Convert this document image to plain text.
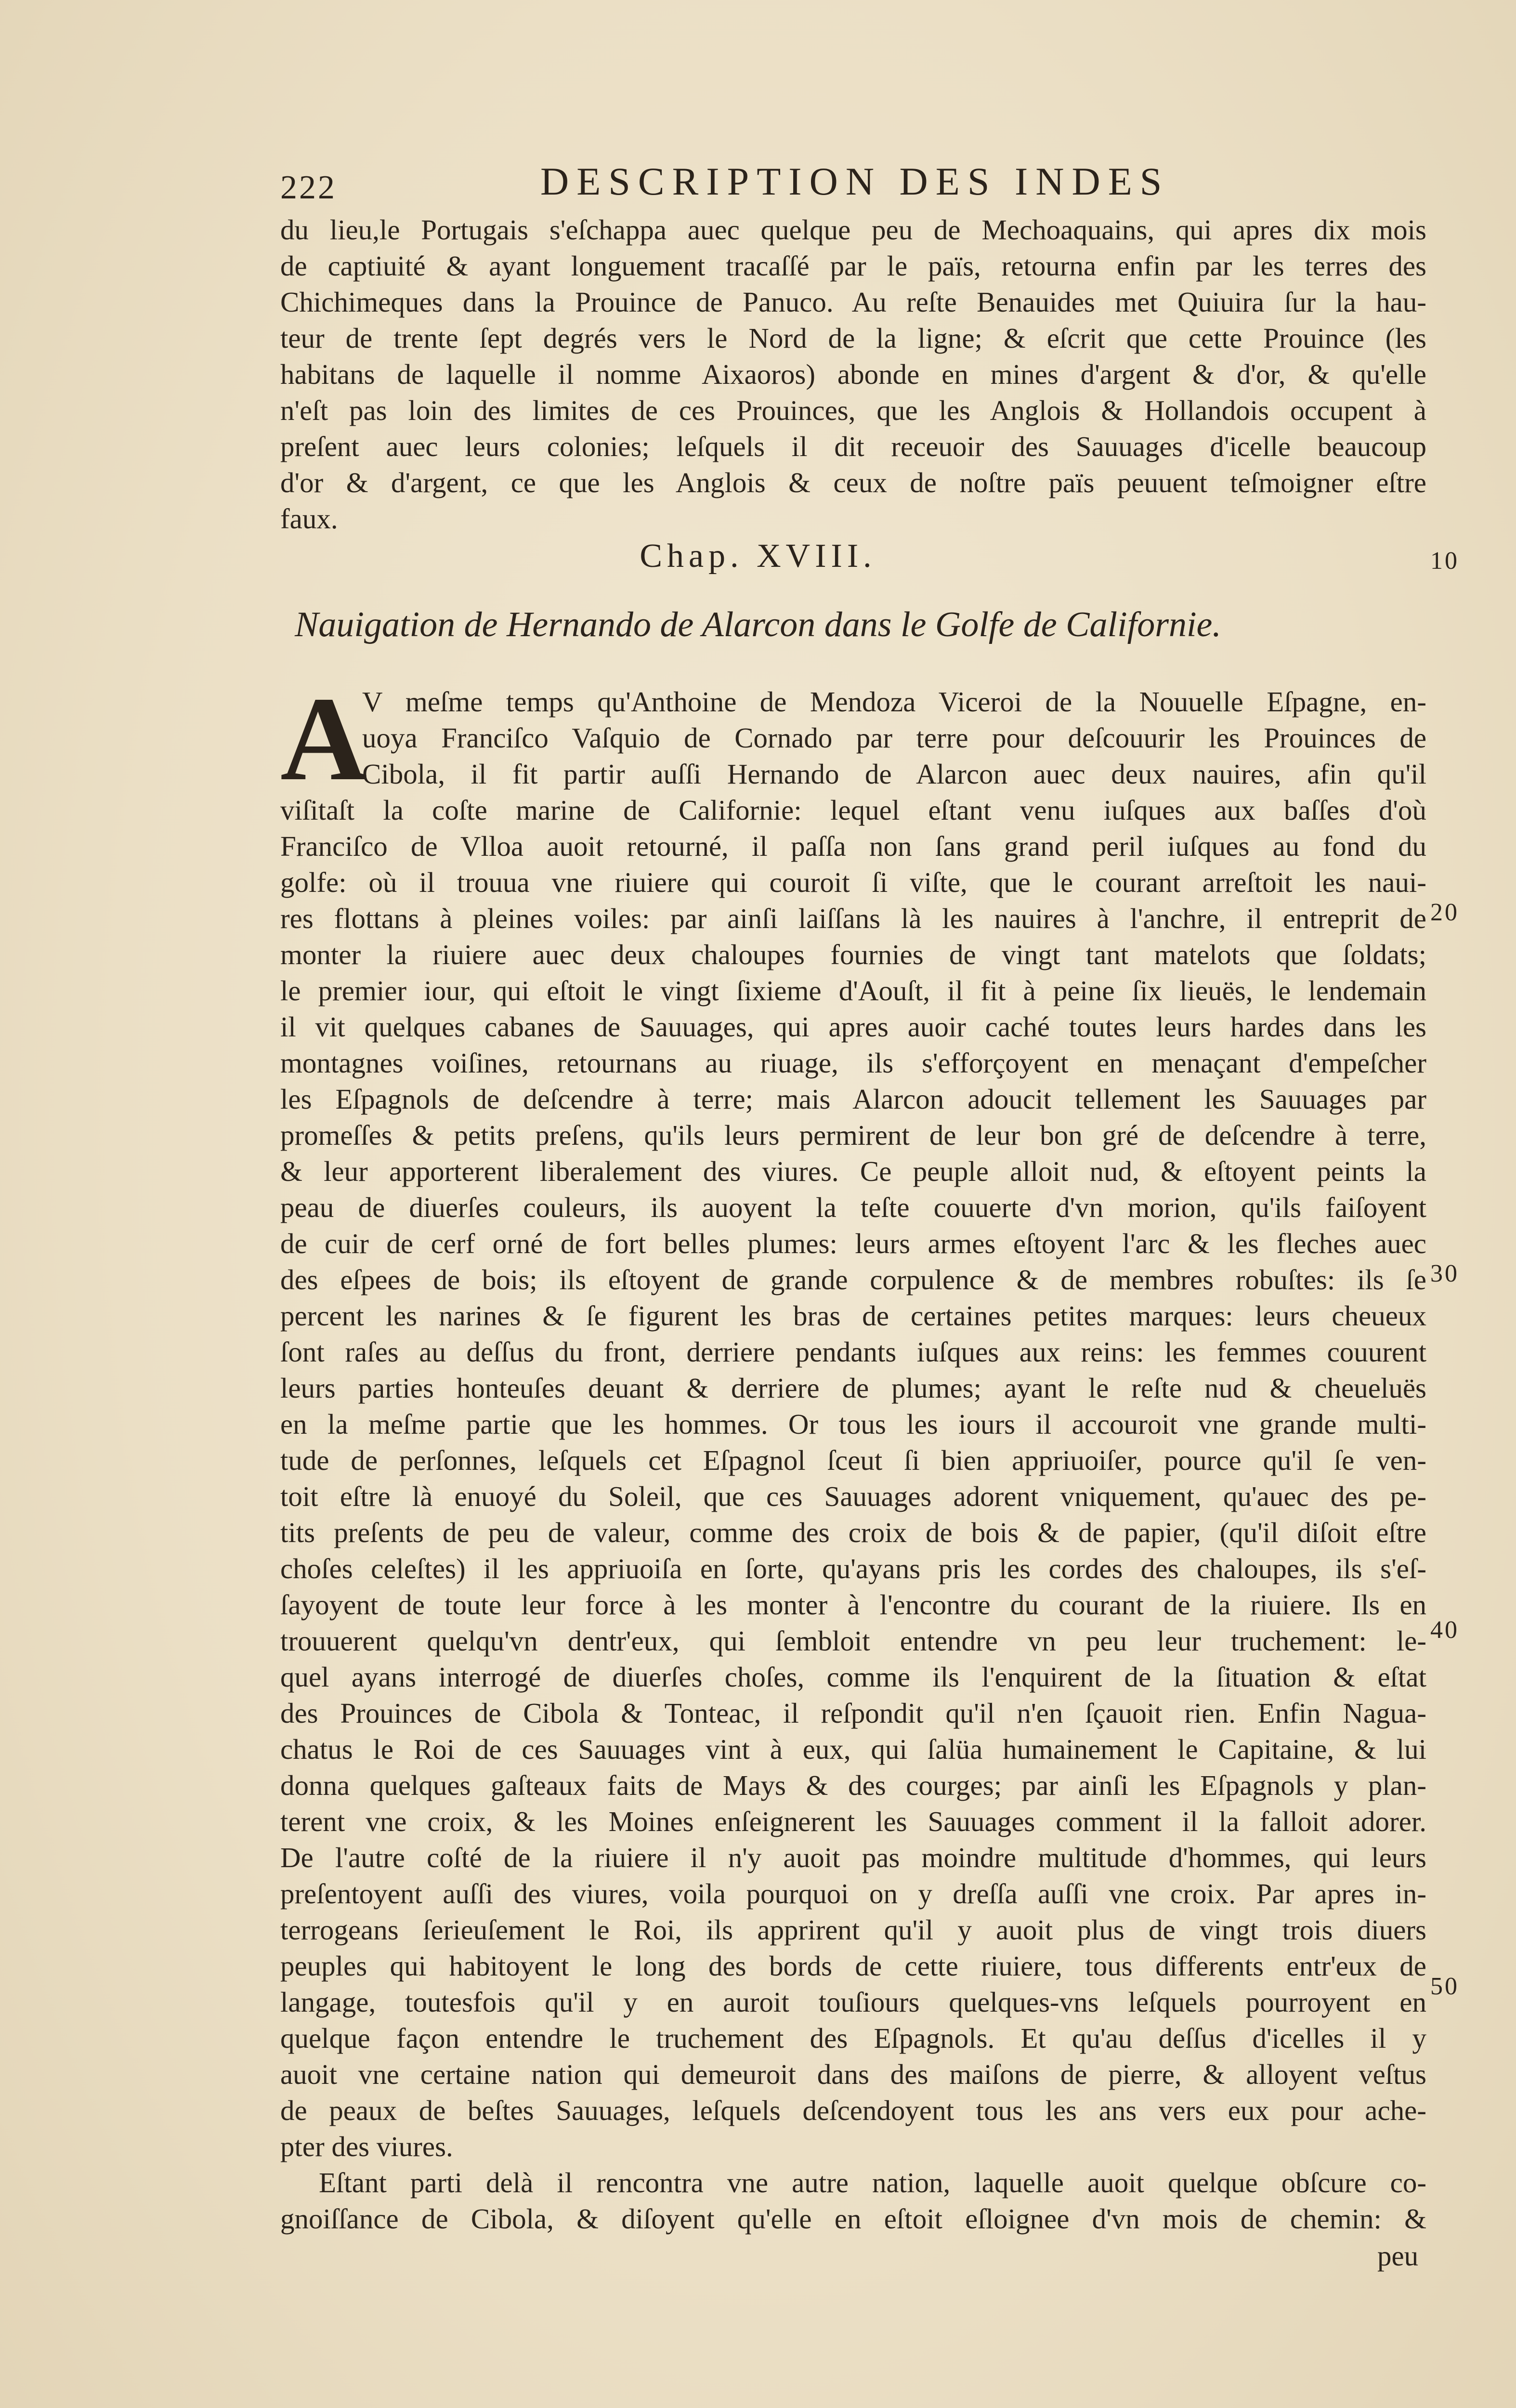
222	DESCRIPTION DES INDES
du lieu,le Portugais s'eſchappa auec quelque peu de Mechoaquains, qui apres dix mois
de captiuité & ayant longuement tracaſſé par le païs, retourna enfin par les terres des
Chichimeques dans la Prouince de Panuco. Au reſte Benauides met Quiuira ſur la hau-
teur de trente ſept degrés vers le Nord de la ligne; & eſcrit que cette Prouince (les
habitans de laquelle il nomme Aixaoros) abonde en mines d'argent & d'or, & qu'elle
n'eſt pas loin des limites de ces Prouinces, que les Anglois & Hollandois occupent à
preſent auec leurs colonies; leſquels il dit receuoir des Sauuages d'icelle beaucoup
d'or & d'argent, ce que les Anglois & ceux de noſtre païs peuuent teſmoigner eſtre
faux.
Chap. XVIII.
Nauigation de Hernando de Alarcon dans le Golfe de Californie.
A
V meſme temps qu'Anthoine de Mendoza Viceroi de la Nouuelle Eſpagne, en-
uoya Franciſco Vaſquio de Cornado par terre pour deſcouurir les Prouinces de
Cibola, il fit partir auſſi Hernando de Alarcon auec deux nauires, afin qu'il
viſitaſt la coſte marine de Californie: lequel eſtant venu iuſques aux baſſes d'où
Franciſco de Vlloa auoit retourné, il paſſa non ſans grand peril iuſques au fond du
golfe: où il trouua vne riuiere qui couroit ſi viſte, que le courant arreſtoit les naui-
res flottans à pleines voiles: par ainſi laiſſans là les nauires à l'anchre, il entreprit de
monter la riuiere auec deux chaloupes fournies de vingt tant matelots que ſoldats;
le premier iour, qui eſtoit le vingt ſixieme d'Aouſt, il fit à peine ſix lieuës, le lendemain
il vit quelques cabanes de Sauuages, qui apres auoir caché toutes leurs hardes dans les
montagnes voiſines, retournans au riuage, ils s'efforçoyent en menaçant d'empeſcher
les Eſpagnols de deſcendre à terre; mais Alarcon adoucit tellement les Sauuages par
promeſſes & petits preſens, qu'ils leurs permirent de leur bon gré de deſcendre à terre,
& leur apporterent liberalement des viures. Ce peuple alloit nud, & eſtoyent peints la
peau de diuerſes couleurs, ils auoyent la teſte couuerte d'vn morion, qu'ils faiſoyent
de cuir de cerf orné de fort belles plumes: leurs armes eſtoyent l'arc & les fleches auec
des eſpees de bois; ils eſtoyent de grande corpulence & de membres robuſtes: ils ſe
percent les narines & ſe figurent les bras de certaines petites marques: leurs cheueux
ſont raſes au deſſus du front, derriere pendants iuſques aux reins: les femmes couurent
leurs parties honteuſes deuant & derriere de plumes; ayant le reſte nud & cheueluës
en la meſme partie que les hommes. Or tous les iours il accouroit vne grande multi-
tude de perſonnes, leſquels cet Eſpagnol ſceut ſi bien appriuoiſer, pource qu'il ſe ven-
toit eſtre là enuoyé du Soleil, que ces Sauuages adorent vniquement, qu'auec des pe-
tits preſents de peu de valeur, comme des croix de bois & de papier, (qu'il diſoit eſtre
choſes celeſtes) il les appriuoiſa en ſorte, qu'ayans pris les cordes des chaloupes, ils s'eſ-
ſayoyent de toute leur force à les monter à l'encontre du courant de la riuiere. Ils en
trouuerent quelqu'vn dentr'eux, qui ſembloit entendre vn peu leur truchement: le-
quel ayans interrogé de diuerſes choſes, comme ils l'enquirent de la ſituation & eſtat
des Prouinces de Cibola & Tonteac, il reſpondit qu'il n'en ſçauoit rien. Enfin Nagua-
chatus le Roi de ces Sauuages vint à eux, qui ſalüa humainement le Capitaine, & lui
donna quelques gaſteaux faits de Mays & des courges; par ainſi les Eſpagnols y plan-
terent vne croix, & les Moines enſeignerent les Sauuages comment il la falloit adorer.
De l'autre coſté de la riuiere il n'y auoit pas moindre multitude d'hommes, qui leurs
preſentoyent auſſi des viures, voila pourquoi on y dreſſa auſſi vne croix. Par apres in-
terrogeans ſerieuſement le Roi, ils apprirent qu'il y auoit plus de vingt trois diuers
peuples qui habitoyent le long des bords de cette riuiere, tous differents entr'eux de
langage, toutesfois qu'il y en auroit touſiours quelques-vns leſquels pourroyent en
quelque façon entendre le truchement des Eſpagnols. Et qu'au deſſus d'icelles il y
auoit vne certaine nation qui demeuroit dans des maiſons de pierre, & alloyent veſtus
de peaux de beſtes Sauuages, leſquels deſcendoyent tous les ans vers eux pour ache-
pter des viures.
Eſtant parti delà il rencontra vne autre nation, laquelle auoit quelque obſcure co-
gnoiſſance de Cibola, & diſoyent qu'elle en eſtoit eſloignee d'vn mois de chemin: &
10
20
30
40
50
peu
